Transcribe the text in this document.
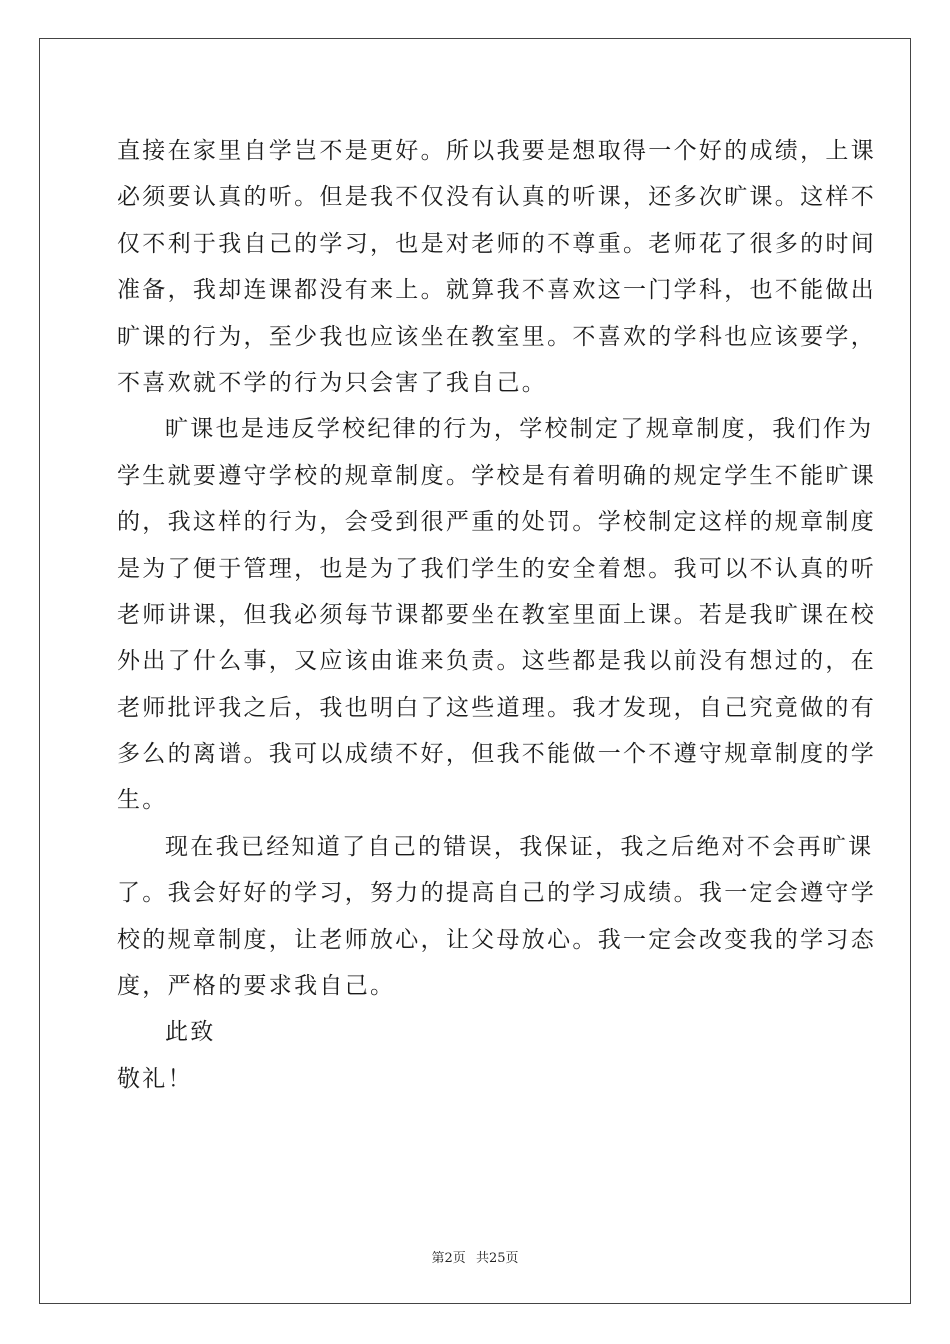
直接在家里自学岂不是更好。所以我要是想取得一个好的成绩，上课
必须要认真的听。但是我不仅没有认真的听课，还多次旷课。这样不
仅不利于我自己的学习，也是对老师的不尊重。老师花了很多的时间
准备，我却连课都没有来上。就算我不喜欢这一门学科，也不能做出
旷课的行为，至少我也应该坐在教室里。不喜欢的学科也应该要学，
不喜欢就不学的行为只会害了我自己。
旷课也是违反学校纪律的行为，学校制定了规章制度，我们作为
学生就要遵守学校的规章制度。学校是有着明确的规定学生不能旷课
的，我这样的行为，会受到很严重的处罚。学校制定这样的规章制度
是为了便于管理，也是为了我们学生的安全着想。我可以不认真的听
老师讲课，但我必须每节课都要坐在教室里面上课。若是我旷课在校
外出了什么事，又应该由谁来负责。这些都是我以前没有想过的，在
老师批评我之后，我也明白了这些道理。我才发现，自己究竟做的有
多么的离谱。我可以成绩不好，但我不能做一个不遵守规章制度的学
生。
现在我已经知道了自己的错误，我保证，我之后绝对不会再旷课
了。我会好好的学习，努力的提高自己的学习成绩。我一定会遵守学
校的规章制度，让老师放心，让父母放心。我一定会改变我的学习态
度，严格的要求我自己。
此致
敬礼！
第2页 共25页
